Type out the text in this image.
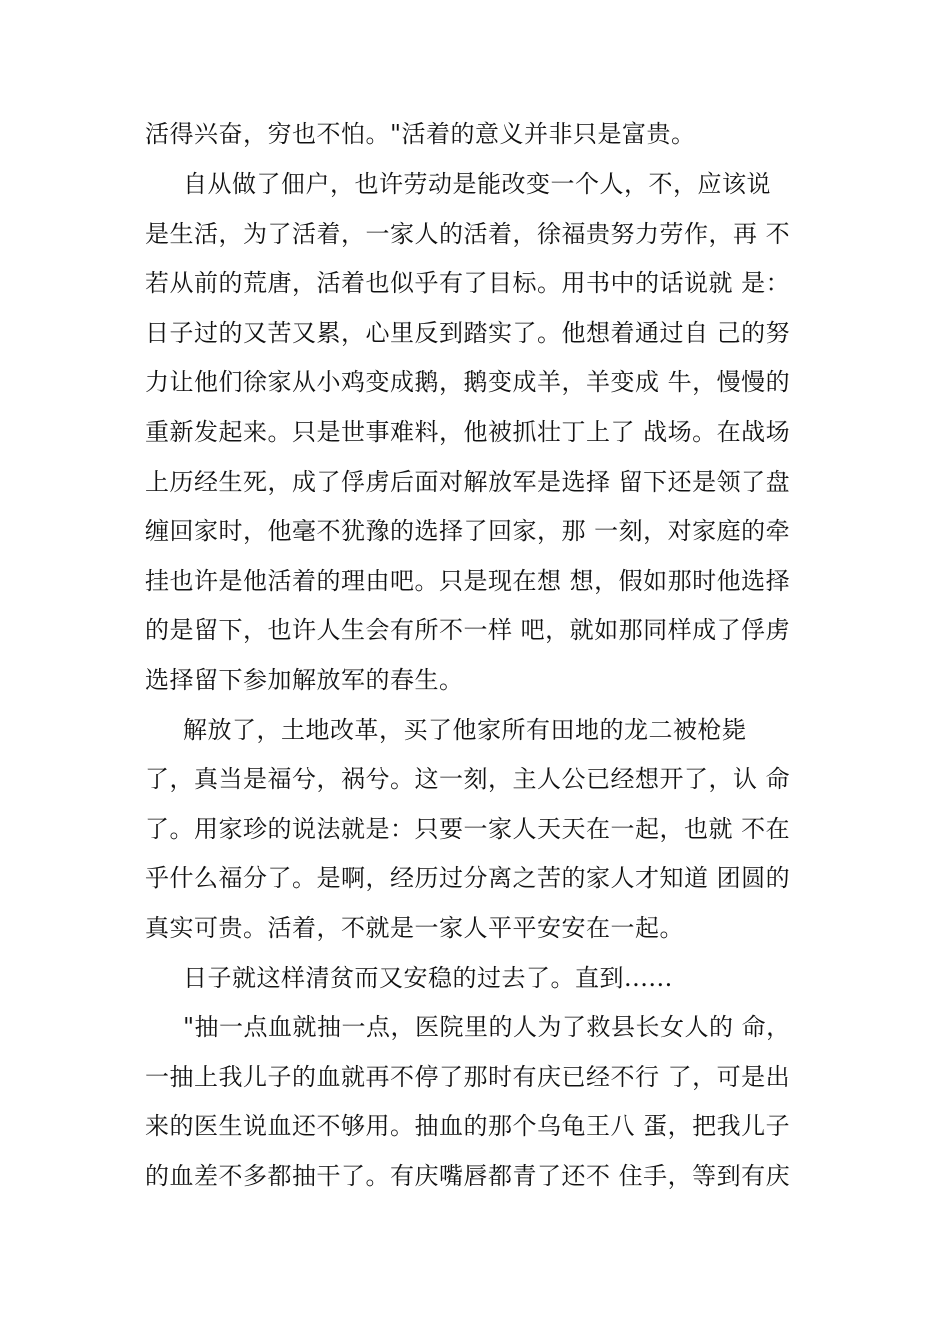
活得兴奋，穷也不怕。"活着的意义并非只是富贵。
自从做了佃户，也许劳动是能改变一个人，不，应该说
是生活，为了活着，一家人的活着，徐福贵努力劳作，再 不
若从前的荒唐，活着也似乎有了目标。用书中的话说就 是：
日子过的又苦又累，心里反到踏实了。他想着通过自 己的努
力让他们徐家从小鸡变成鹅，鹅变成羊，羊变成 牛，慢慢的
重新发起来。只是世事难料，他被抓壮丁上了 战场。在战场
上历经生死，成了俘虏后面对解放军是选择 留下还是领了盘
缠回家时，他毫不犹豫的选择了回家，那 一刻，对家庭的牵
挂也许是他活着的理由吧。只是现在想 想，假如那时他选择
的是留下，也许人生会有所不一样 吧，就如那同样成了俘虏
选择留下参加解放军的春生。
解放了，土地改革，买了他家所有田地的龙二被枪毙
了，真当是福兮，祸兮。这一刻，主人公已经想开了，认 命
了。用家珍的说法就是：只要一家人天天在一起，也就 不在
乎什么福分了。是啊，经历过分离之苦的家人才知道 团圆的
真实可贵。活着，不就是一家人平平安安在一起。
日子就这样清贫而又安稳的过去了。直到......
"抽一点血就抽一点，医院里的人为了救县长女人的 命，
一抽上我儿子的血就再不停了那时有庆已经不行 了，可是出
来的医生说血还不够用。抽血的那个乌龟王八 蛋，把我儿子
的血差不多都抽干了。有庆嘴唇都青了还不 住手，等到有庆
